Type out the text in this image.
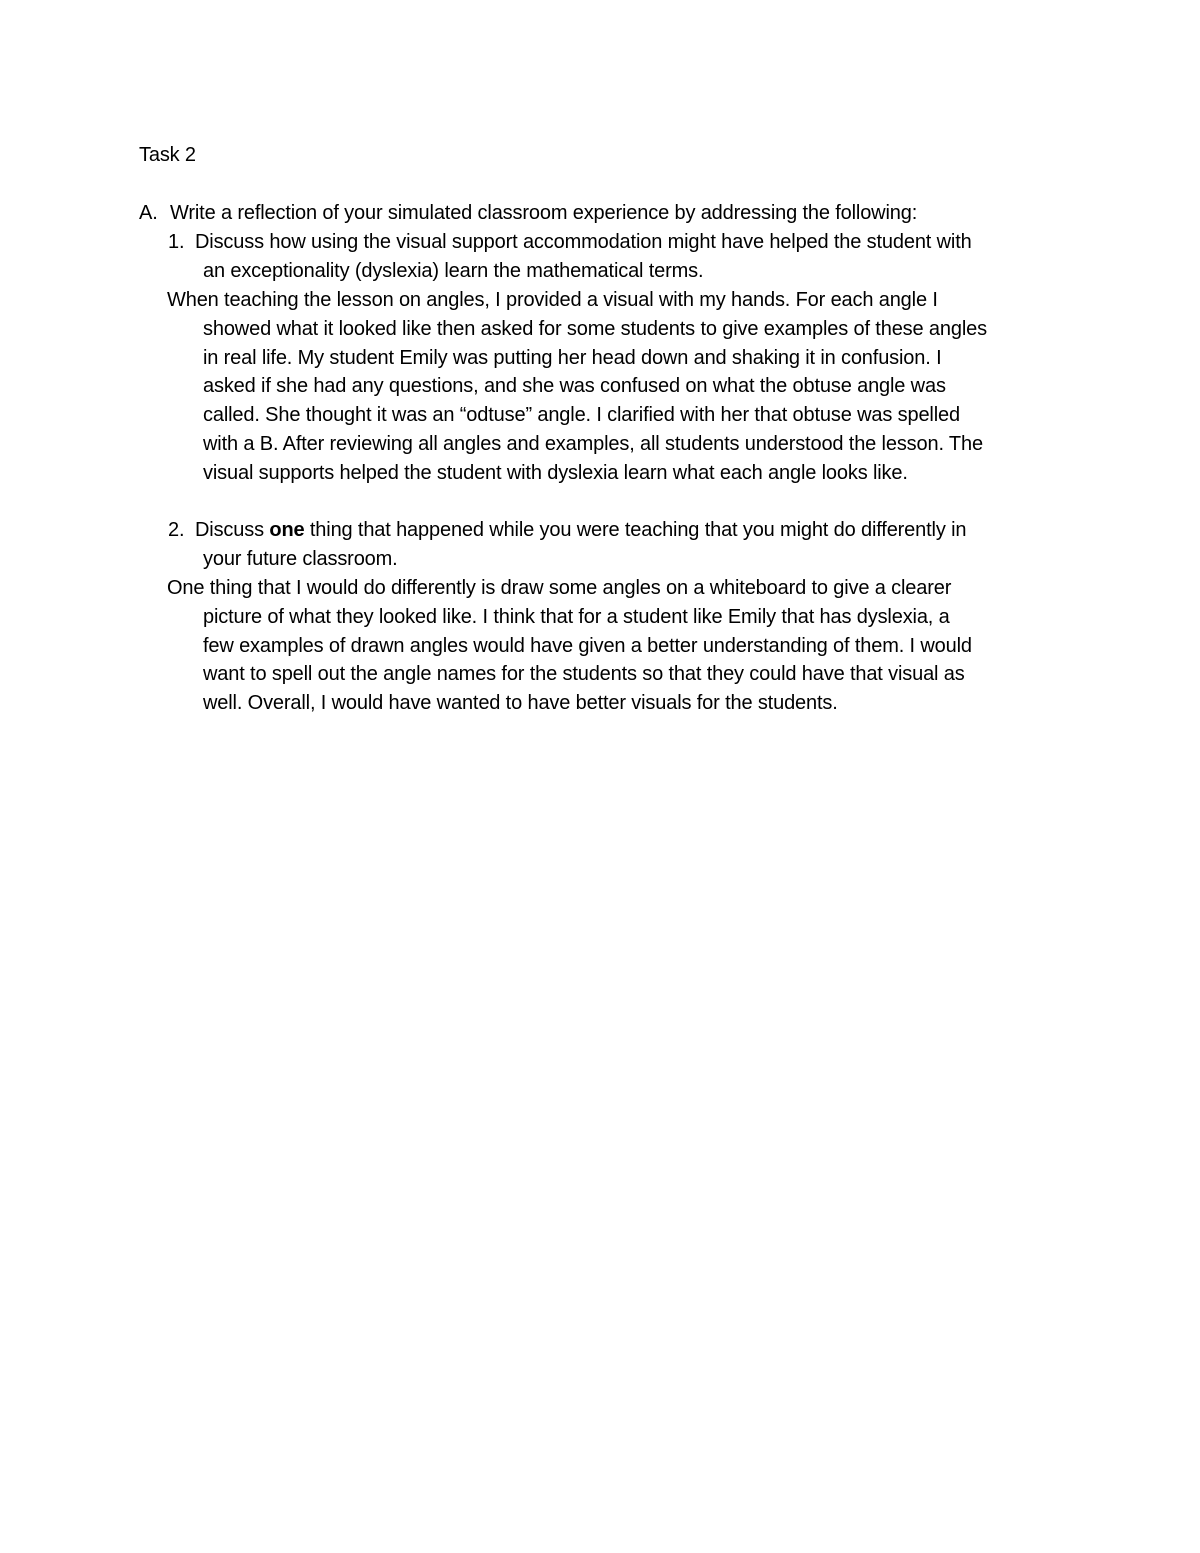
Task 2
A. Write a reflection of your simulated classroom experience by addressing the following:
1. Discuss how using the visual support accommodation might have helped the student with
an exceptionality (dyslexia) learn the mathematical terms.
When teaching the lesson on angles, I provided a visual with my hands. For each angle I
showed what it looked like then asked for some students to give examples of these angles
in real life. My student Emily was putting her head down and shaking it in confusion. I
asked if she had any questions, and she was confused on what the obtuse angle was
called. She thought it was an “odtuse” angle. I clarified with her that obtuse was spelled
with a B. After reviewing all angles and examples, all students understood the lesson. The
visual supports helped the student with dyslexia learn what each angle looks like.
2. Discuss one thing that happened while you were teaching that you might do differently in
your future classroom.
One thing that I would do differently is draw some angles on a whiteboard to give a clearer
picture of what they looked like. I think that for a student like Emily that has dyslexia, a
few examples of drawn angles would have given a better understanding of them. I would
want to spell out the angle names for the students so that they could have that visual as
well. Overall, I would have wanted to have better visuals for the students.
